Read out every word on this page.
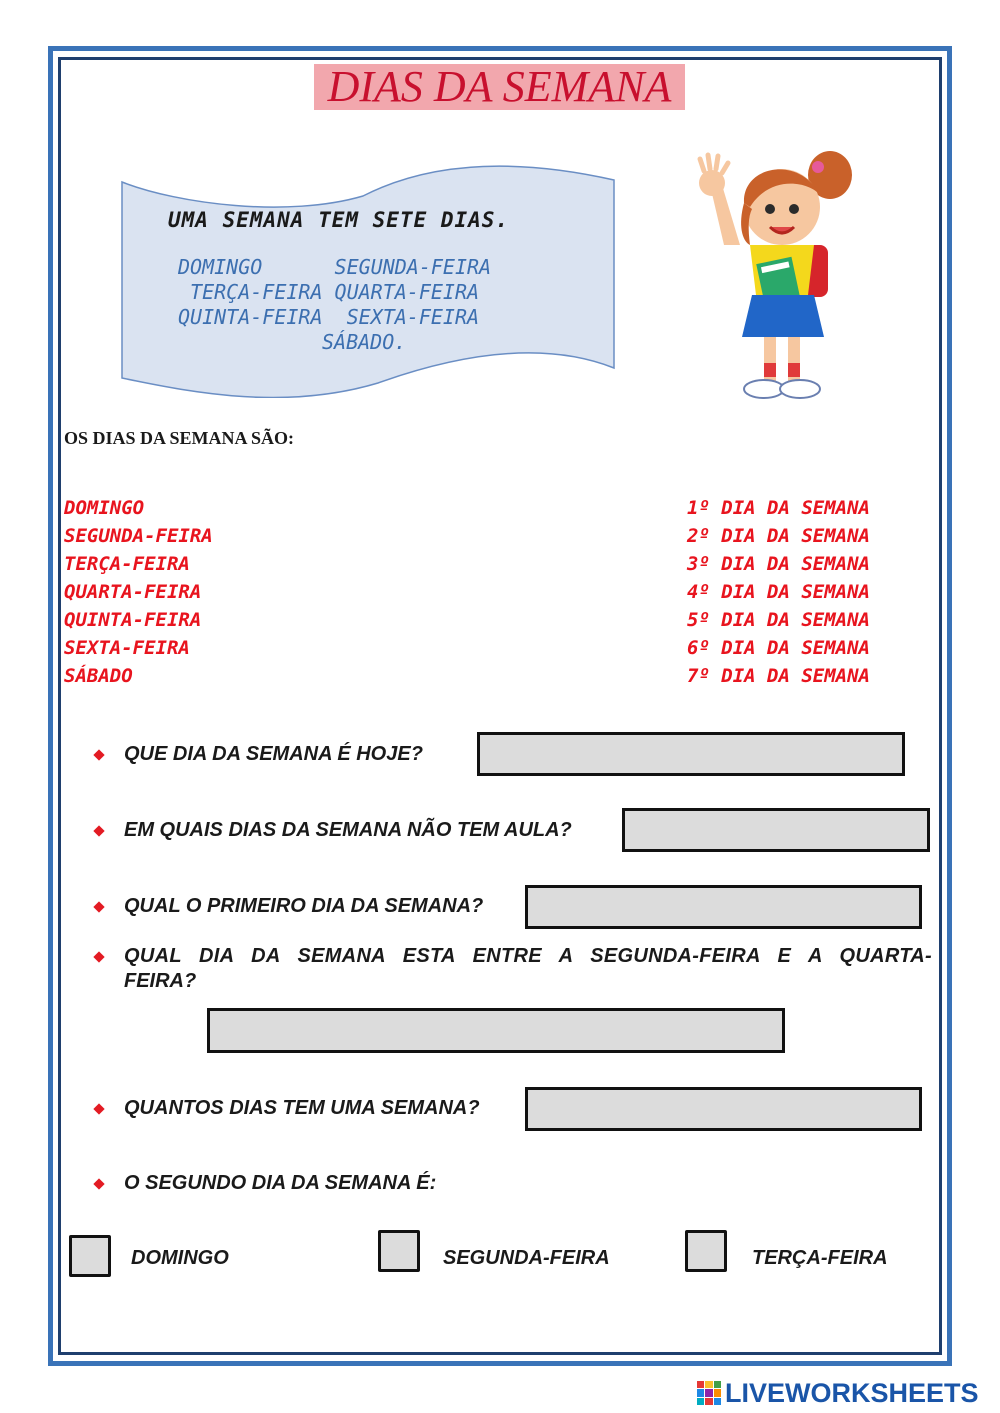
DIAS DA SEMANA
UMA SEMANA TEM SETE DIAS.
DOMINGO      SEGUNDA-FEIRA
TERÇA-FEIRA QUARTA-FEIRA
QUINTA-FEIRA  SEXTA-FEIRA
SÁBADO.
OS DIAS DA SEMANA SÃO:
DOMINGO	1º DIA DA SEMANA
SEGUNDA-FEIRA	2º DIA DA SEMANA
TERÇA-FEIRA	3º DIA DA SEMANA
QUARTA-FEIRA	4º DIA DA SEMANA
QUINTA-FEIRA	5º DIA DA SEMANA
SEXTA-FEIRA	6º DIA DA SEMANA
SÁBADO	7º DIA DA SEMANA
QUE DIA DA SEMANA É HOJE?
EM QUAIS DIAS DA SEMANA NÃO TEM AULA?
QUAL O PRIMEIRO DIA DA SEMANA?
QUAL DIA DA SEMANA ESTA ENTRE A SEGUNDA-FEIRA E A QUARTA-
FEIRA?
QUANTOS DIAS TEM UMA SEMANA?
O SEGUNDO DIA DA SEMANA É:
DOMINGO	SEGUNDA-FEIRA	TERÇA-FEIRA
LIVEWORKSHEETS
